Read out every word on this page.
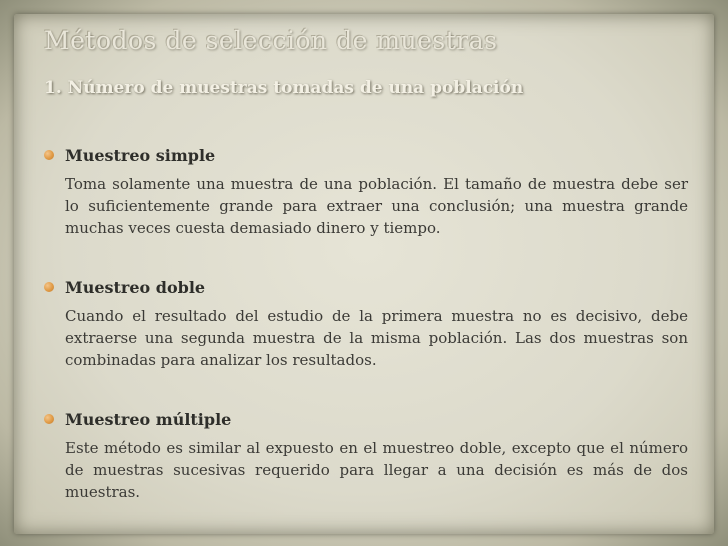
Métodos de selección de muestras
1. Número de muestras tomadas de una población
Muestreo simple

Toma solamente una muestra de una población. El tamaño de muestra debe ser lo suficientemente grande para extraer una conclusión; una muestra grande muchas veces cuesta demasiado dinero y tiempo.

Muestreo doble

Cuando el resultado del estudio de la primera muestra no es decisivo, debe extraerse una segunda muestra de la misma población. Las dos muestras son combinadas para analizar los resultados.

Muestreo múltiple

Este método es similar al expuesto en el muestreo doble, excepto que el número de muestras sucesivas requerido para llegar a una decisión es más de dos muestras.
